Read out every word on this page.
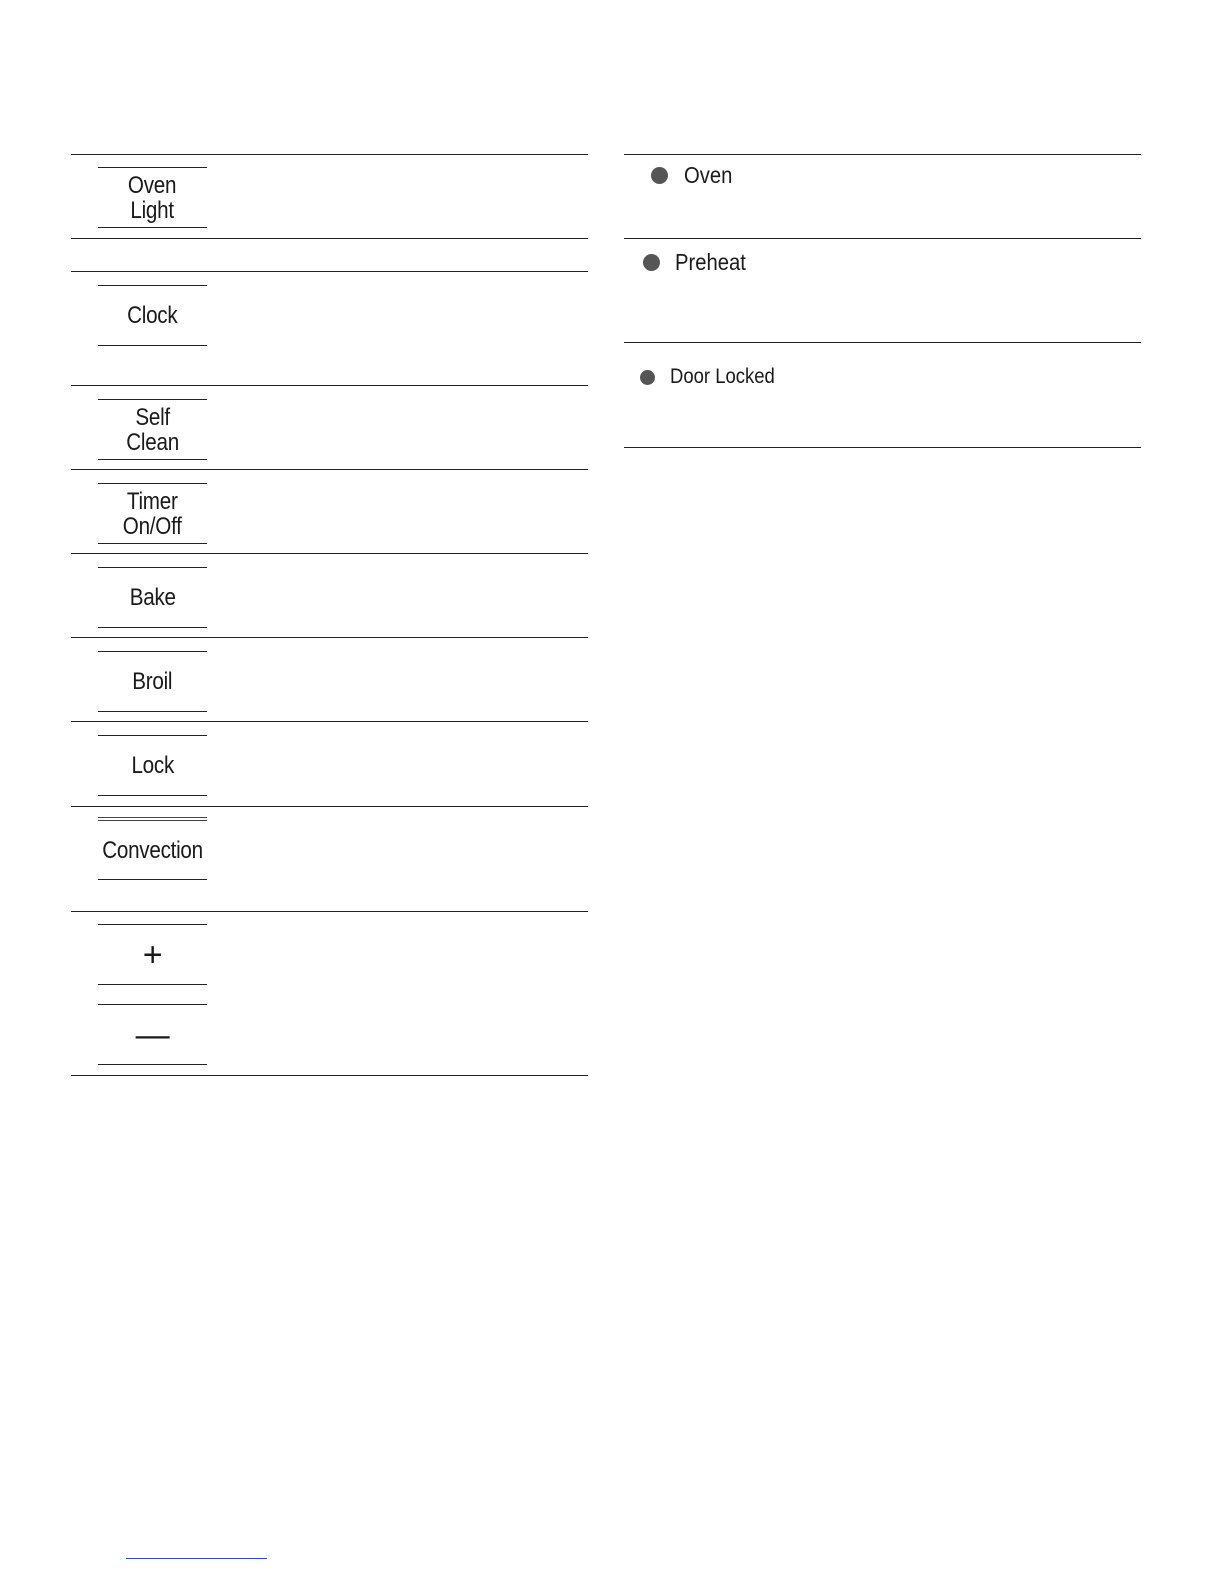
Oven
Light
Clock
Self
Clean
Timer
On/Off
Bake
Broil
Lock
Convection
+
—
Oven
Preheat
Door Locked
